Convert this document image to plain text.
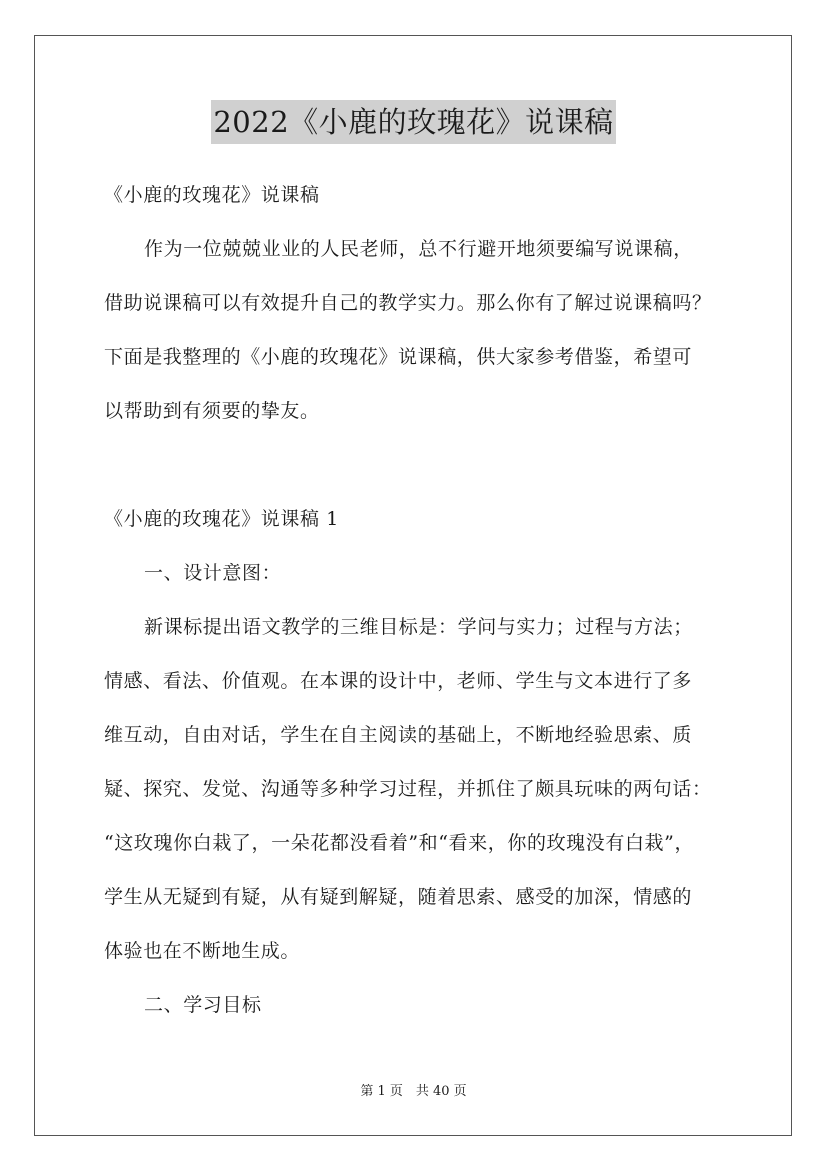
2022《小鹿的玫瑰花》说课稿
《小鹿的玫瑰花》说课稿
作为一位兢兢业业的人民老师，总不行避开地须要编写说课稿，
借助说课稿可以有效提升自己的教学实力。那么你有了解过说课稿吗？
下面是我整理的《小鹿的玫瑰花》说课稿，供大家参考借鉴，希望可
以帮助到有须要的挚友。
《小鹿的玫瑰花》说课稿 1
一、设计意图：
新课标提出语文教学的三维目标是：学问与实力；过程与方法；
情感、看法、价值观。在本课的设计中，老师、学生与文本进行了多
维互动，自由对话，学生在自主阅读的基础上，不断地经验思索、质
疑、探究、发觉、沟通等多种学习过程，并抓住了颇具玩味的两句话：
“这玫瑰你白栽了，一朵花都没看着”和“看来，你的玫瑰没有白栽”，
学生从无疑到有疑，从有疑到解疑，随着思索、感受的加深，情感的
体验也在不断地生成。
二、学习目标
第 1 页　共 40 页
